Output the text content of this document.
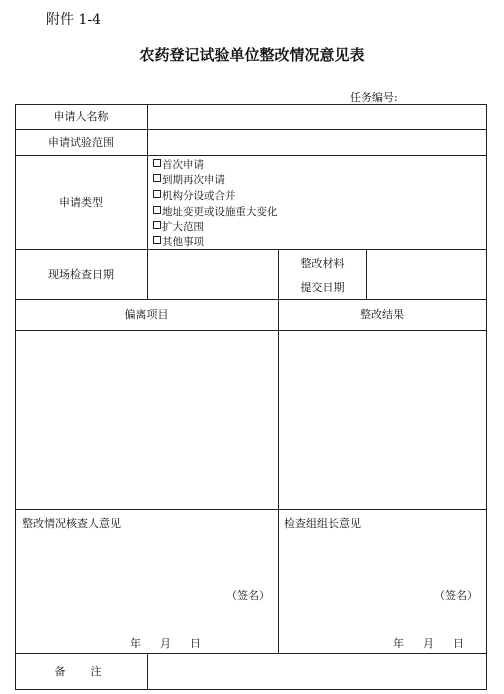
附件 1-4
农药登记试验单位整改情况意见表
任务编号:
申请人名称
申请试验范围
申请类型
首次申请
到期再次申请
机构分设或合并
地址变更或设施重大变化
扩大范围
其他事项
现场检查日期
整改材料
提交日期
偏离项目	整改结果
整改情况核查人意见
（签名）
年 月 日
检查组组长意见
（签名）
年 月 日
备  注
